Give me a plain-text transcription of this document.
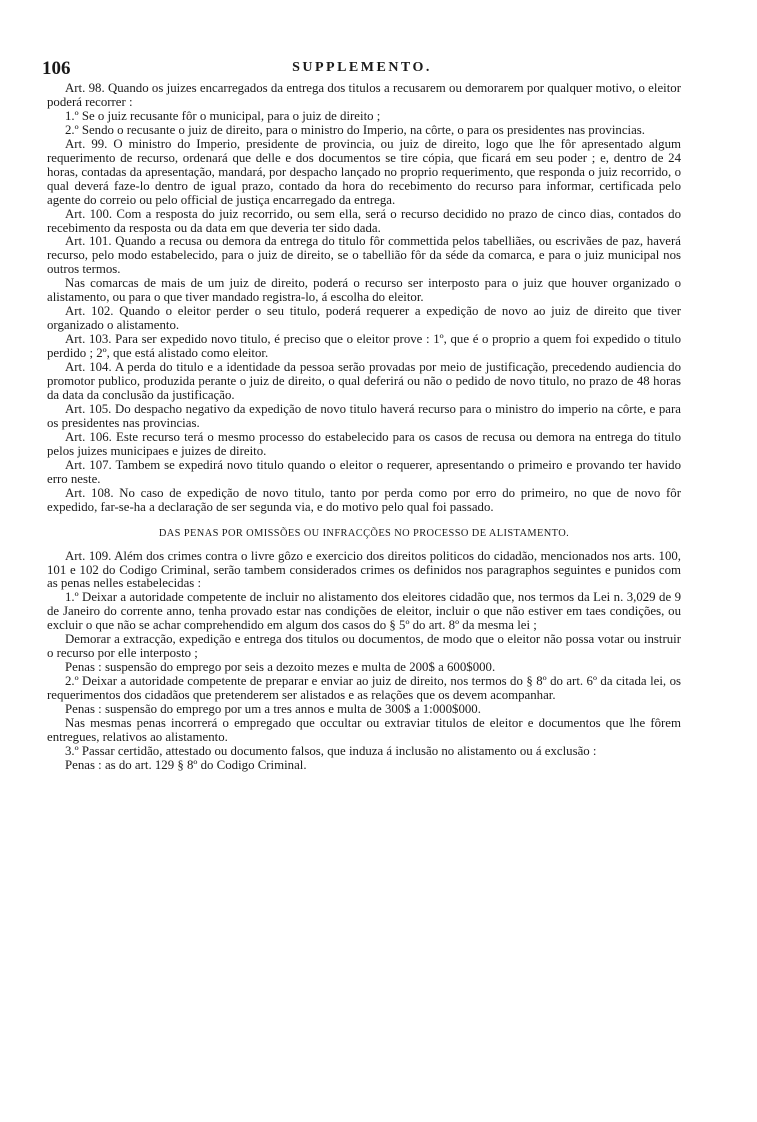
106	SUPPLEMENTO.

Art. 98. Quando os juizes encarregados da entrega dos titulos a recusarem ou demorarem por qualquer motivo, o eleitor poderá recorrer :

1.º Se o juiz recusante fôr o municipal, para o juiz de direito ;

2.º Sendo o recusante o juiz de direito, para o ministro do Imperio, na côrte, o para os presidentes nas provincias.

Art. 99. O ministro do Imperio, presidente de provincia, ou juiz de direito, logo que lhe fôr apresentado algum requerimento de recurso, ordenará que delle e dos documentos se tire cópia, que ficará em seu poder ; e, dentro de 24 horas, contadas da apresentação, mandará, por despacho lançado no proprio requerimento, que responda o juiz recorrido, o qual deverá faze-lo dentro de igual prazo, contado da hora do recebimento do recurso para informar, certificada pelo agente do correio ou pelo official de justiça encarregado da entrega.

Art. 100. Com a resposta do juiz recorrido, ou sem ella, será o recurso decidido no prazo de cinco dias, contados do recebimento da resposta ou da data em que deveria ter sido dada.

Art. 101. Quando a recusa ou demora da entrega do titulo fôr commettida pelos tabelliães, ou escrivães de paz, haverá recurso, pelo modo estabelecido, para o juiz de direito, se o tabellião fôr da séde da comarca, e para o juiz municipal nos outros termos.

Nas comarcas de mais de um juiz de direito, poderá o recurso ser interposto para o juiz que houver organizado o alistamento, ou para o que tiver mandado registra-lo, á escolha do eleitor.

Art. 102. Quando o eleitor perder o seu titulo, poderá requerer a expedição de novo ao juiz de direito que tiver organizado o alistamento.

Art. 103. Para ser expedido novo titulo, é preciso que o eleitor prove : 1º, que é o proprio a quem foi expedido o titulo perdido ; 2º, que está alistado como eleitor.

Art. 104. A perda do titulo e a identidade da pessoa serão provadas por meio de justificação, precedendo audiencia do promotor publico, produzida perante o juiz de direito, o qual deferirá ou não o pedido de novo titulo, no prazo de 48 horas da data da conclusão da justificação.

Art. 105. Do despacho negativo da expedição de novo titulo haverá recurso para o ministro do imperio na côrte, e para os presidentes nas provincias.

Art. 106. Este recurso terá o mesmo processo do estabelecido para os casos de recusa ou demora na entrega do titulo pelos juizes municipaes e juizes de direito.

Art. 107. Tambem se expedirá novo titulo quando o eleitor o requerer, apresentando o primeiro e provando ter havido erro neste.

Art. 108. No caso de expedição de novo titulo, tanto por perda como por erro do primeiro, no que de novo fôr expedido, far-se-ha a declaração de ser segunda via, e do motivo pelo qual foi passado.

DAS PENAS POR OMISSÕES OU INFRACÇÕES NO PROCESSO DE ALISTAMENTO.

Art. 109. Além dos crimes contra o livre gôzo e exercicio dos direitos politicos do cidadão, mencionados nos arts. 100, 101 e 102 do Codigo Criminal, serão tambem considerados crimes os definidos nos paragraphos seguintes e punidos com as penas nelles estabelecidas :

1.º Deixar a autoridade competente de incluir no alistamento dos eleitores cidadão que, nos termos da Lei n. 3,029 de 9 de Janeiro do corrente anno, tenha provado estar nas condições de eleitor, incluir o que não estiver em taes condições, ou excluir o que não se achar comprehendido em algum dos casos do § 5º do art. 8º da mesma lei ;

Demorar a extracção, expedição e entrega dos titulos ou documentos, de modo que o eleitor não possa votar ou instruir o recurso por elle interposto ;

Penas : suspensão do emprego por seis a dezoito mezes e multa de 200$ a 600$000.

2.º Deixar a autoridade competente de preparar e enviar ao juiz de direito, nos termos do § 8º do art. 6º da citada lei, os requerimentos dos cidadãos que pretenderem ser alistados e as relações que os devem acompanhar.

Penas : suspensão do emprego por um a tres annos e multa de 300$ a 1:000$000.

Nas mesmas penas incorrerá o empregado que occultar ou extraviar titulos de eleitor e documentos que lhe fôrem entregues, relativos ao alistamento.

3.º Passar certidão, attestado ou documento falsos, que induza á inclusão no alistamento ou á exclusão :

Penas : as do art. 129 § 8º do Codigo Criminal.
